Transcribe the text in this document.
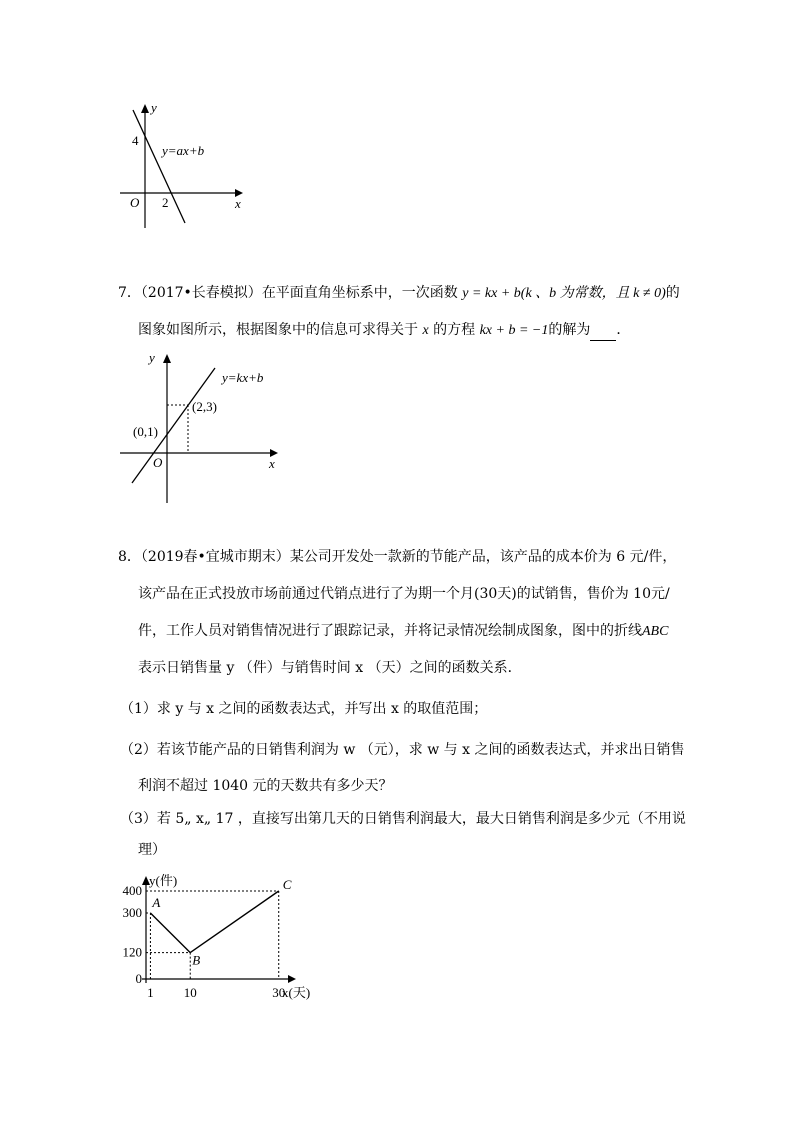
y
x
O
4
2
y=ax+b
7．（2017•长春模拟）在平面直角坐标系中，一次函数 y = kx + b(k 、b 为常数，且 k ≠ 0)的
图象如图所示，根据图象中的信息可求得关于 x 的方程 kx + b = −1的解为 ．
y
x
O
y=kx+b
(0,1)
(2,3)
8．（2019春•宜城市期末）某公司开发处一款新的节能产品，该产品的成本价为 6 元/件，
该产品在正式投放市场前通过代销点进行了为期一个月(30天)的试销售，售价为 10元/
件，工作人员对销售情况进行了跟踪记录，并将记录情况绘制成图象，图中的折线ABC
表示日销售量 y （件）与销售时间 x （天）之间的函数关系．
（1）求 y 与 x 之间的函数表达式，并写出 x 的取值范围；
（2）若该节能产品的日销售利润为 w （元），求 w 与 x 之间的函数表达式，并求出日销售
利润不超过 1040 元的天数共有多少天？
（3）若 5„ x„ 17 ，直接写出第几天的日销售利润最大，最大日销售利润是多少元（不用说
理）
y(件)
x(天)
A
B
C
0
120
300
400
1 10	30
